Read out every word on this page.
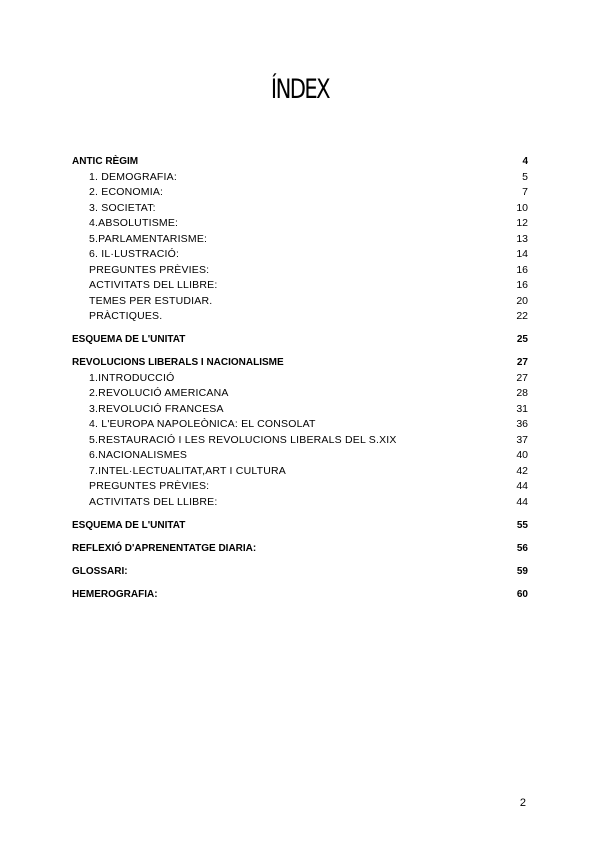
ÍNDEX
ANTIC RÈGIM	4
1. DEMOGRAFIA:	5
2. ECONOMIA:	7
3. SOCIETAT:	10
4.ABSOLUTISME:	12
5.PARLAMENTARISME:	13
6. IL·LUSTRACIÓ:	14
PREGUNTES PRÈVIES:	16
ACTIVITATS DEL LLIBRE:	16
TEMES PER ESTUDIAR.	20
PRÀCTIQUES.	22
ESQUEMA DE L'UNITAT	25
REVOLUCIONS LIBERALS I NACIONALISME	27
1.INTRODUCCIÓ	27
2.REVOLUCIÓ AMERICANA	28
3.REVOLUCIÓ FRANCESA	31
4. L'EUROPA NAPOLEÒNICA: EL CONSOLAT	36
5.RESTAURACIÓ I LES REVOLUCIONS LIBERALS DEL S.XIX	37
6.NACIONALISMES	40
7.INTEL·LECTUALITAT,ART I CULTURA	42
PREGUNTES PRÈVIES:	44
ACTIVITATS DEL LLIBRE:	44
ESQUEMA DE L'UNITAT	55
REFLEXIÓ D'APRENENTATGE DIARIA:	56
GLOSSARI:	59
HEMEROGRAFIA:	60
2
